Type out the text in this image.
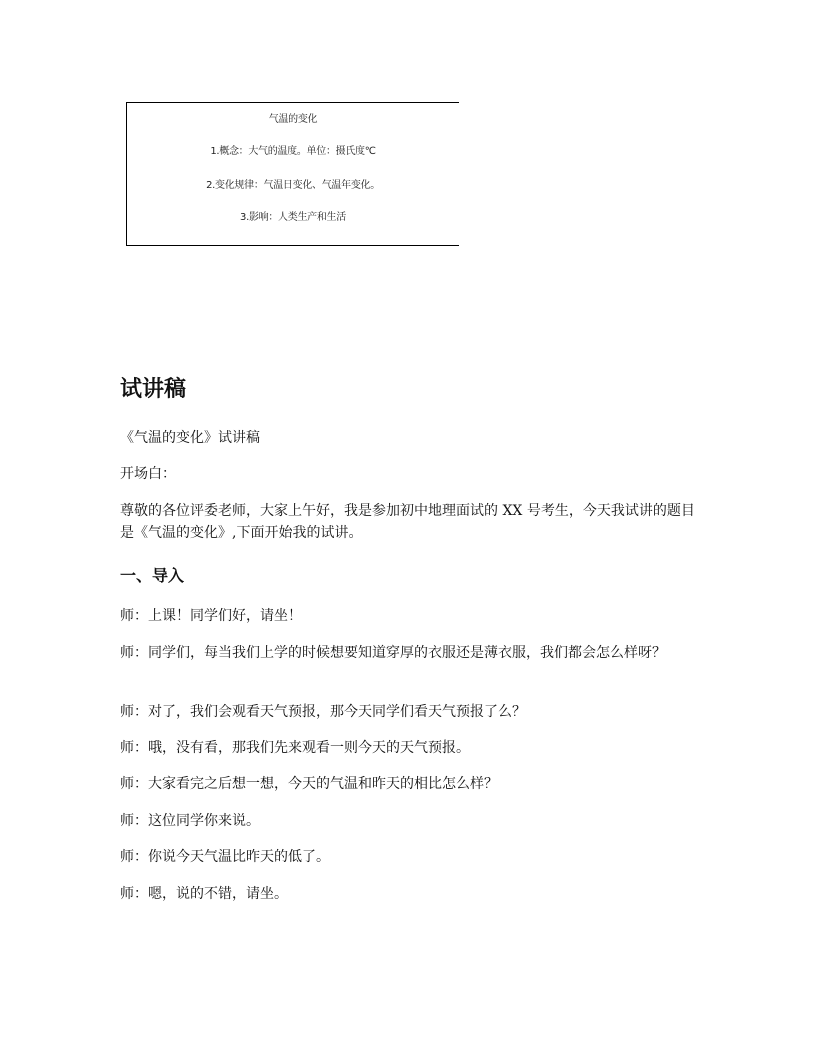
气温的变化
1.概念：大气的温度。单位：摄氏度℃
2.变化规律：气温日变化、气温年变化。
3.影响：人类生产和生活
试讲稿

《气温的变化》试讲稿

开场白：

尊敬的各位评委老师，大家上午好，我是参加初中地理面试的 XX 号考生，今天我试讲的题目是《气温的变化》,下面开始我的试讲。

一、导入

师：上课！同学们好，请坐！

师：同学们，每当我们上学的时候想要知道穿厚的衣服还是薄衣服，我们都会怎么样呀？

师：对了，我们会观看天气预报，那今天同学们看天气预报了么？

师：哦，没有看，那我们先来观看一则今天的天气预报。

师：大家看完之后想一想，今天的气温和昨天的相比怎么样？

师：这位同学你来说。

师：你说今天气温比昨天的低了。

师：嗯，说的不错，请坐。
